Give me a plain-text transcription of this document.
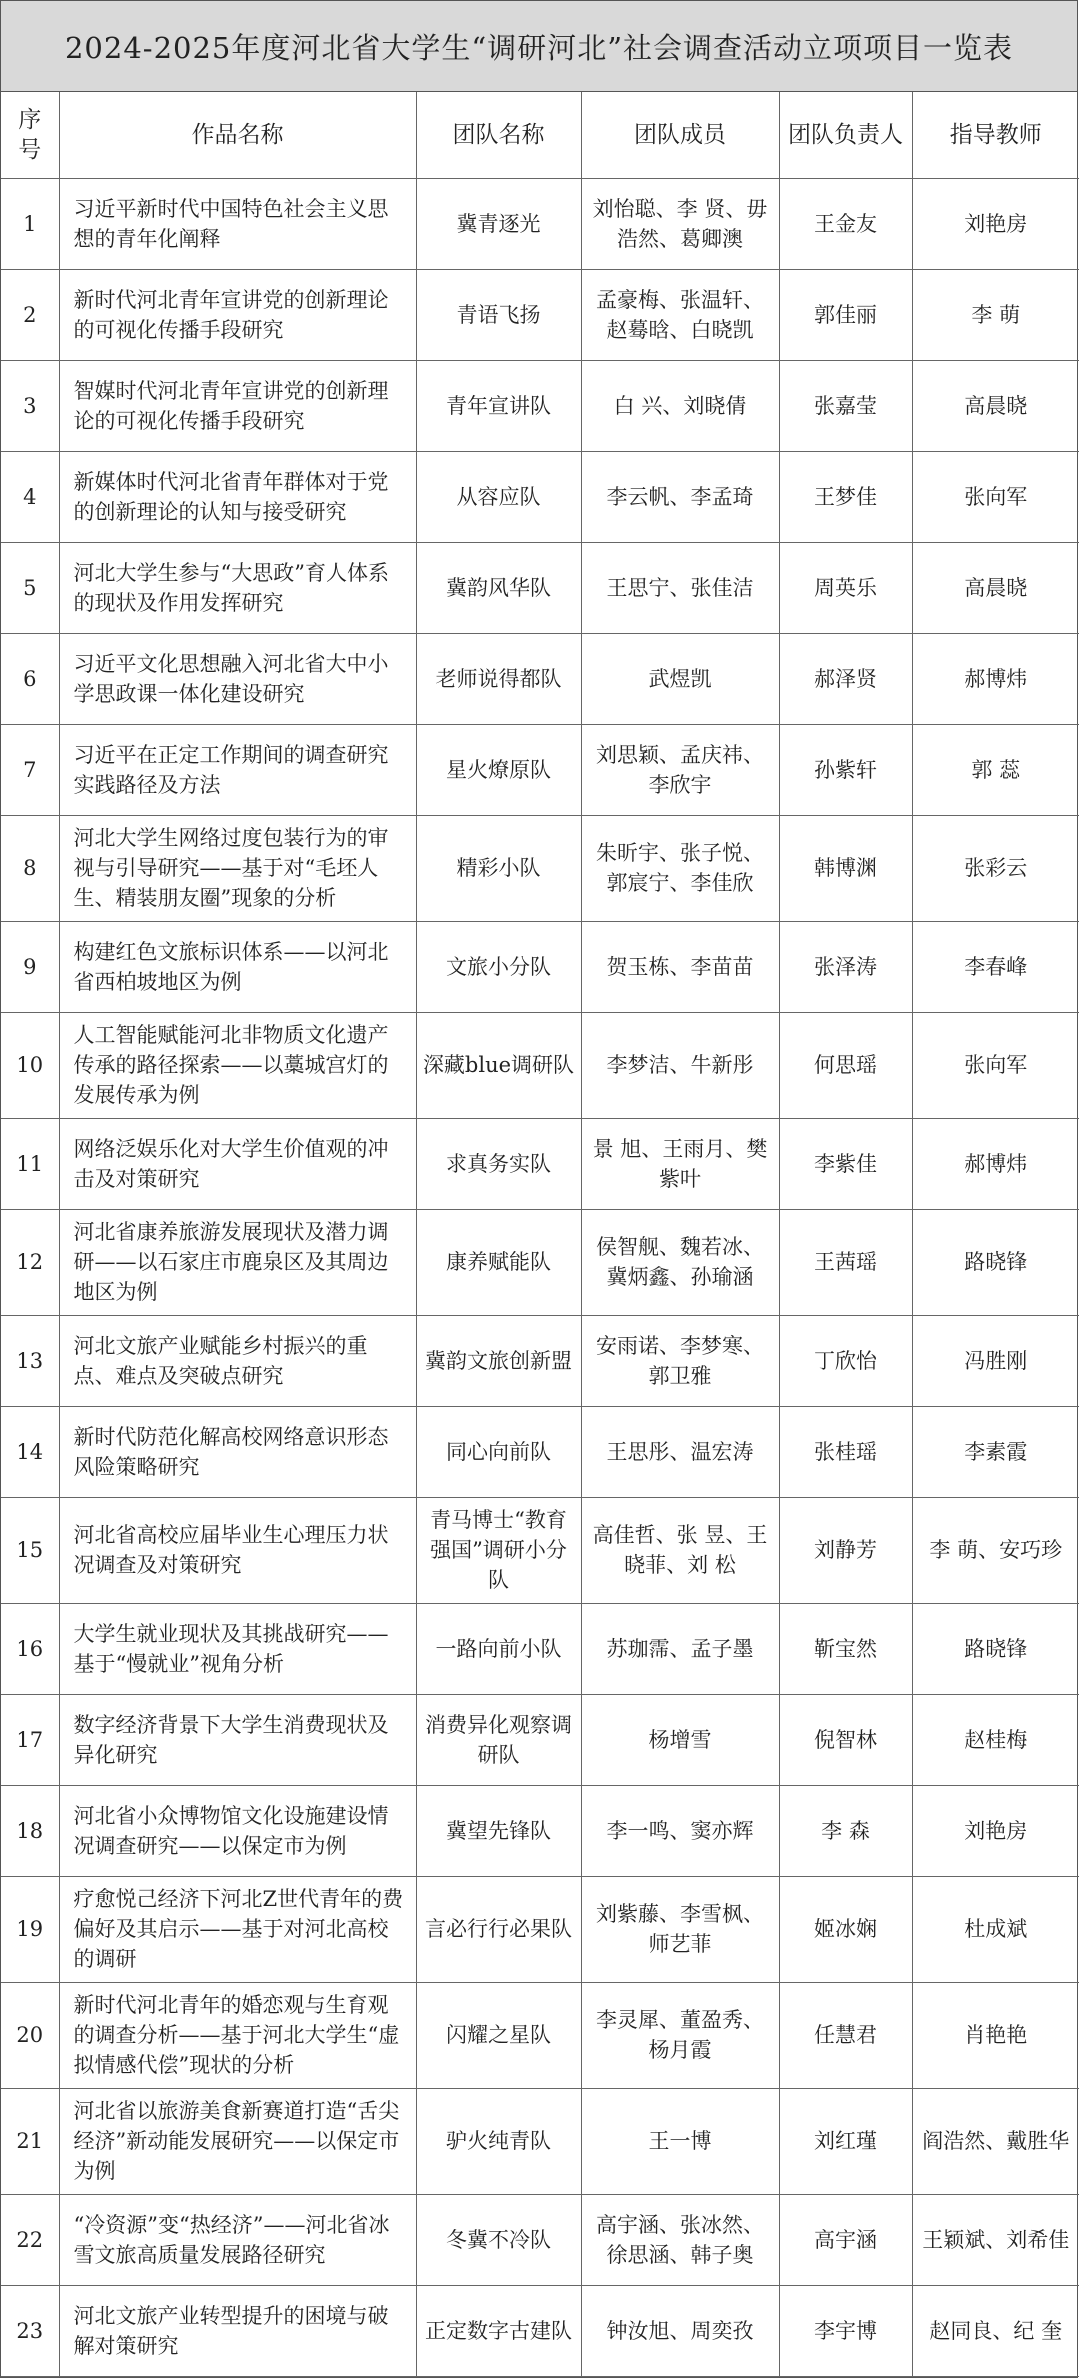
2024-2025年度河北省大学生“调研河北”社会调查活动立项项目一览表
序号	作品名称	团队名称	团队成员	团队负责人	指导教师
1	习近平新时代中国特色社会主义思想的青年化阐释	冀青逐光	刘怡聪、李 贤、毋浩然、葛卿澳	王金友	刘艳房
2	新时代河北青年宣讲党的创新理论的可视化传播手段研究	青语飞扬	孟豪梅、张温轩、赵蓦晗、白晓凯	郭佳丽	李 萌
3	智媒时代河北青年宣讲党的创新理论的可视化传播手段研究	青年宣讲队	白 兴、刘晓倩	张嘉莹	高晨晓
4	新媒体时代河北省青年群体对于党的创新理论的认知与接受研究	从容应队	李云帆、李孟琦	王梦佳	张向军
5	河北大学生参与“大思政”育人体系的现状及作用发挥研究	冀韵风华队	王思宁、张佳洁	周英乐	高晨晓
6	习近平文化思想融入河北省大中小学思政课一体化建设研究	老师说得都队	武煜凯	郝泽贤	郝博炜
7	习近平在正定工作期间的调查研究实践路径及方法	星火燎原队	刘思颖、孟庆祎、李欣宇	孙紫轩	郭 蕊
8	河北大学生网络过度包装行为的审视与引导研究——基于对“毛坯人生、精装朋友圈”现象的分析	精彩小队	朱昕宇、张子悦、郭宸宁、李佳欣	韩博渊	张彩云
9	构建红色文旅标识体系——以河北省西柏坡地区为例	文旅小分队	贺玉栋、李苗苗	张泽涛	李春峰
10	人工智能赋能河北非物质文化遗产传承的路径探索——以藁城宫灯的发展传承为例	深藏blue调研队	李梦洁、牛新彤	何思瑶	张向军
11	网络泛娱乐化对大学生价值观的冲击及对策研究	求真务实队	景 旭、王雨月、樊紫叶	李紫佳	郝博炜
12	河北省康养旅游发展现状及潜力调研——以石家庄市鹿泉区及其周边地区为例	康养赋能队	侯智舰、魏若冰、冀炳鑫、孙瑜涵	王茜瑶	路晓锋
13	河北文旅产业赋能乡村振兴的重点、难点及突破点研究	冀韵文旅创新盟	安雨诺、李梦寒、郭卫雅	丁欣怡	冯胜刚
14	新时代防范化解高校网络意识形态风险策略研究	同心向前队	王思彤、温宏涛	张桂瑶	李素霞
15	河北省高校应届毕业生心理压力状况调查及对策研究	青马博士“教育强国”调研小分队	高佳哲、张 昱、王晓菲、刘 松	刘静芳	李 萌、安巧珍
16	大学生就业现状及其挑战研究——基于“慢就业”视角分析	一路向前小队	苏珈霈、孟子墨	靳宝然	路晓锋
17	数字经济背景下大学生消费现状及异化研究	消费异化观察调研队	杨增雪	倪智林	赵桂梅
18	河北省小众博物馆文化设施建设情况调查研究——以保定市为例	冀望先锋队	李一鸣、窦亦辉	李 森	刘艳房
19	疗愈悦己经济下河北Z世代青年的费偏好及其启示——基于对河北高校的调研	言必行行必果队	刘紫藤、李雪枫、师艺菲	姬冰娴	杜成斌
20	新时代河北青年的婚恋观与生育观的调查分析——基于河北大学生“虚拟情感代偿”现状的分析	闪耀之星队	李灵犀、董盈秀、杨月霞	任慧君	肖艳艳
21	河北省以旅游美食新赛道打造“舌尖经济”新动能发展研究——以保定市为例	驴火纯青队	王一博	刘红瑾	阎浩然、戴胜华
22	“冷资源”变“热经济”——河北省冰雪文旅高质量发展路径研究	冬冀不冷队	高宇涵、张冰然、徐思涵、韩子奥	高宇涵	王颖斌、刘希佳
23	河北文旅产业转型提升的困境与破解对策研究	正定数字古建队	钟汝旭、周奕孜	李宇博	赵同良、纪 奎
